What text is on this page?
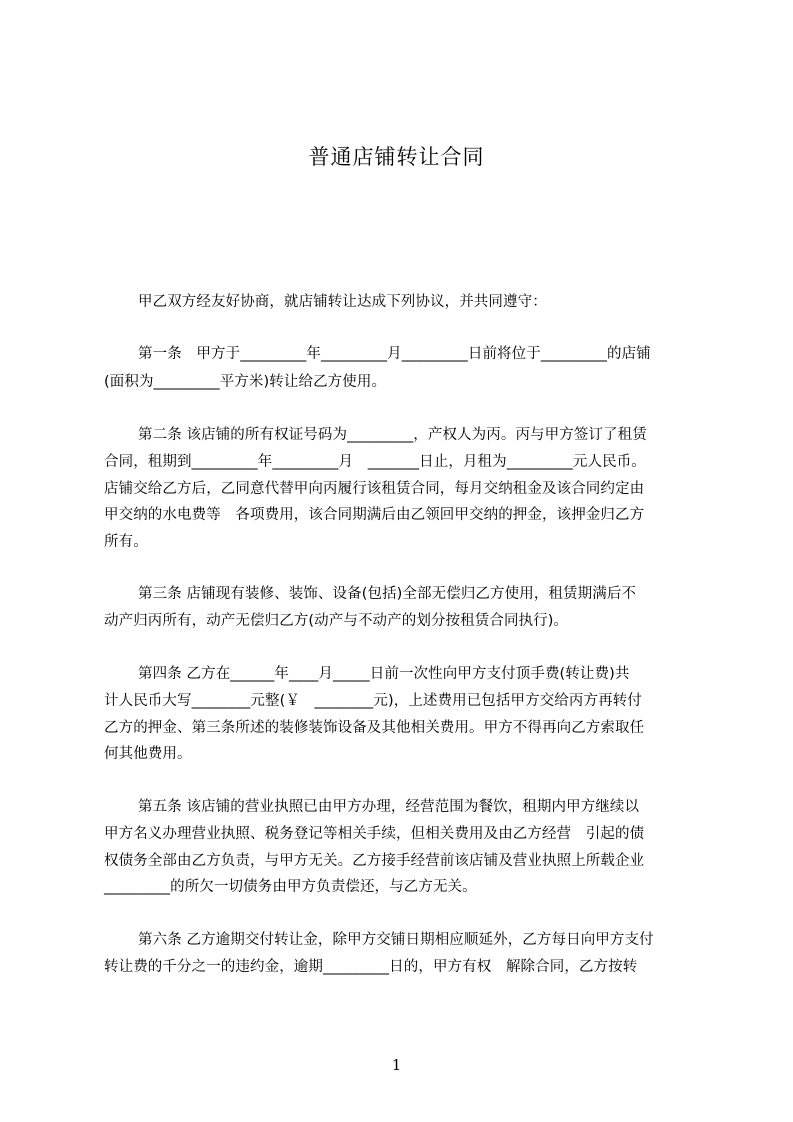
普通店铺转让合同
甲乙双方经友好协商，就店铺转让达成下列协议，并共同遵守：
第一条　甲方于_________年_________月_________日前将位于_________的店铺
(面积为_________平方米)转让给乙方使用。
第二条 该店铺的所有权证号码为_________，产权人为丙。丙与甲方签订了租赁
合同，租期到_________年_________月　_______日止，月租为_________元人民币。
店铺交给乙方后，乙同意代替甲向丙履行该租赁合同，每月交纳租金及该合同约定由
甲交纳的水电费等　各项费用，该合同期满后由乙领回甲交纳的押金，该押金归乙方
所有。
第三条 店铺现有装修、装饰、设备(包括)全部无偿归乙方使用，租赁期满后不
动产归丙所有，动产无偿归乙方(动产与不动产的划分按租赁合同执行)。
第四条 乙方在______年____月_____日前一次性向甲方支付顶手费(转让费)共
计人民币大写________元整(￥　________元)，上述费用已包括甲方交给丙方再转付
乙方的押金、第三条所述的装修装饰设备及其他相关费用。甲方不得再向乙方索取任
何其他费用。
第五条 该店铺的营业执照已由甲方办理，经营范围为餐饮，租期内甲方继续以
甲方名义办理营业执照、税务登记等相关手续，但相关费用及由乙方经营　引起的债
权债务全部由乙方负责，与甲方无关。乙方接手经营前该店铺及营业执照上所载企业
_________的所欠一切债务由甲方负责偿还，与乙方无关。
第六条 乙方逾期交付转让金，除甲方交铺日期相应顺延外，乙方每日向甲方支付
转让费的千分之一的违约金，逾期_________日的，甲方有权　解除合同，乙方按转
1
